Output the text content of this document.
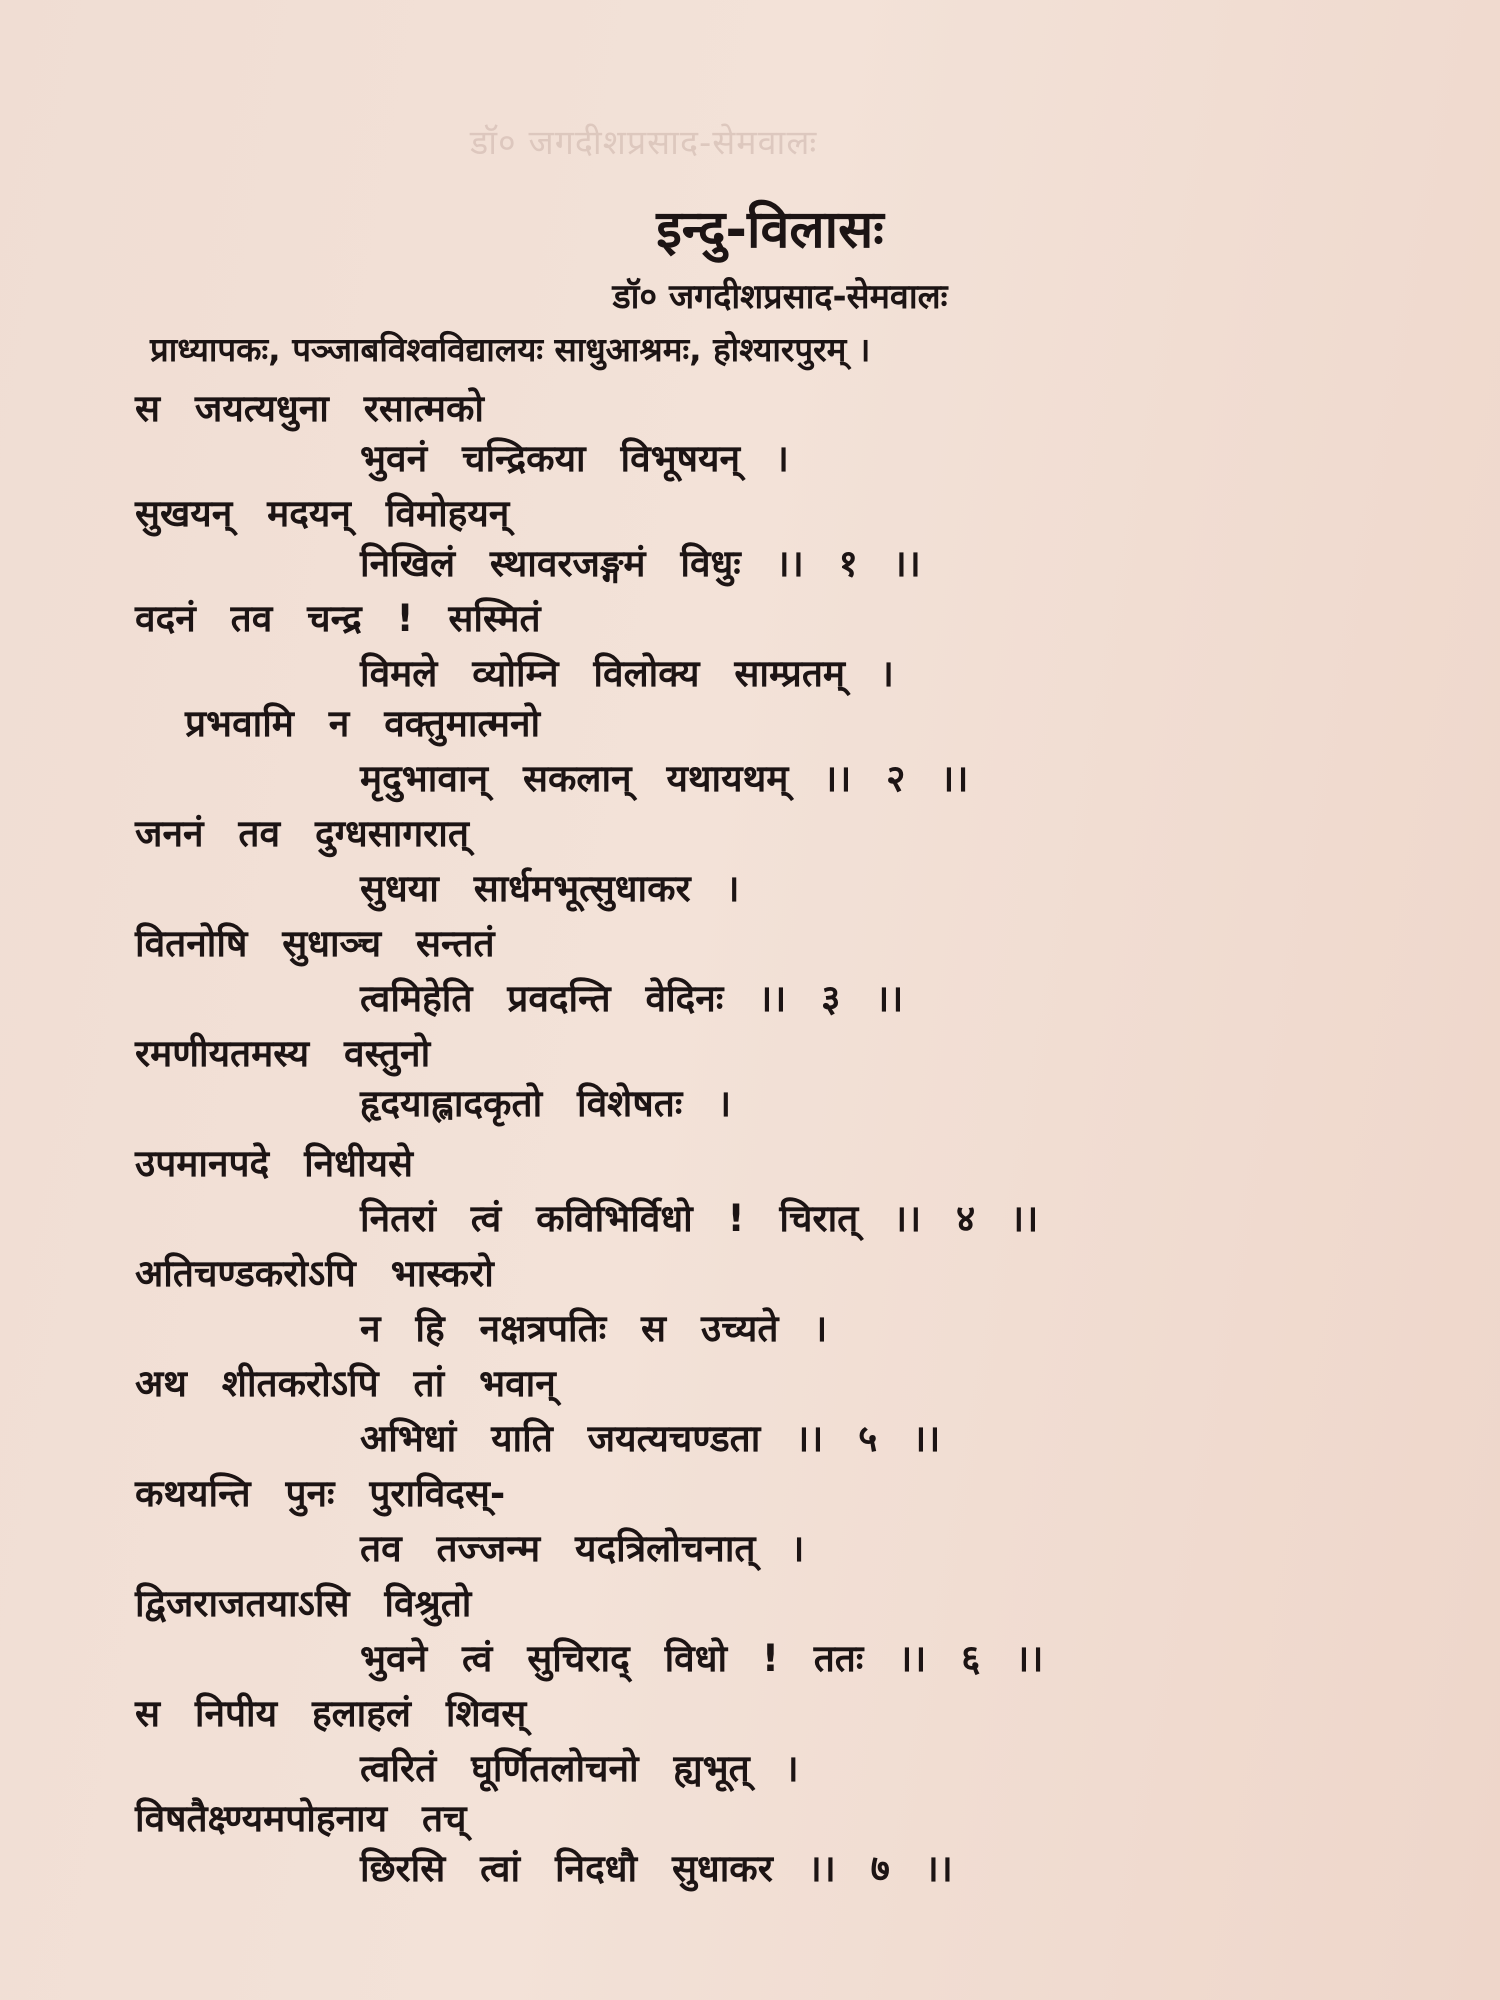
डॉ० जगदीशप्रसाद-सेमवालः
इन्दु-विलासः
डॉ० जगदीशप्रसाद-सेमवालः
प्राध्यापकः, पञ्जाबविश्वविद्यालयः साधुआश्रमः, होश्यारपुरम् ।
स जयत्यधुना रसात्मको
भुवनं चन्द्रिकया विभूषयन् ।
सुखयन् मदयन् विमोहयन्
निखिलं स्थावरजङ्गमं विधुः ।। १ ।।
वदनं तव चन्द्र ! सस्मितं
विमले व्योम्नि विलोक्य साम्प्रतम् ।
प्रभवामि न वक्तुमात्मनो
मृदुभावान् सकलान् यथायथम् ।। २ ।।
जननं तव दुग्धसागरात्
सुधया सार्धमभूत्सुधाकर ।
वितनोषि सुधाञ्च सन्ततं
त्वमिहेति प्रवदन्ति वेदिनः ।। ३ ।।
रमणीयतमस्य वस्तुनो
हृदयाह्लादकृतो विशेषतः ।
उपमानपदे निधीयसे
नितरां त्वं कविभिर्विधो ! चिरात् ।। ४ ।।
अतिचण्डकरोऽपि भास्करो
न हि नक्षत्रपतिः स उच्यते ।
अथ शीतकरोऽपि तां भवान्
अभिधां याति जयत्यचण्डता ।। ५ ।।
कथयन्ति पुनः पुराविदस्-
तव तज्जन्म यदत्रिलोचनात् ।
द्विजराजतयाऽसि विश्रुतो
भुवने त्वं सुचिराद् विधो ! ततः ।। ६ ।।
स निपीय हलाहलं शिवस्
त्वरितं घूर्णितलोचनो ह्यभूत् ।
विषतैक्ष्ण्यमपोहनाय तच्
छिरसि त्वां निदधौ सुधाकर ।। ७ ।।
